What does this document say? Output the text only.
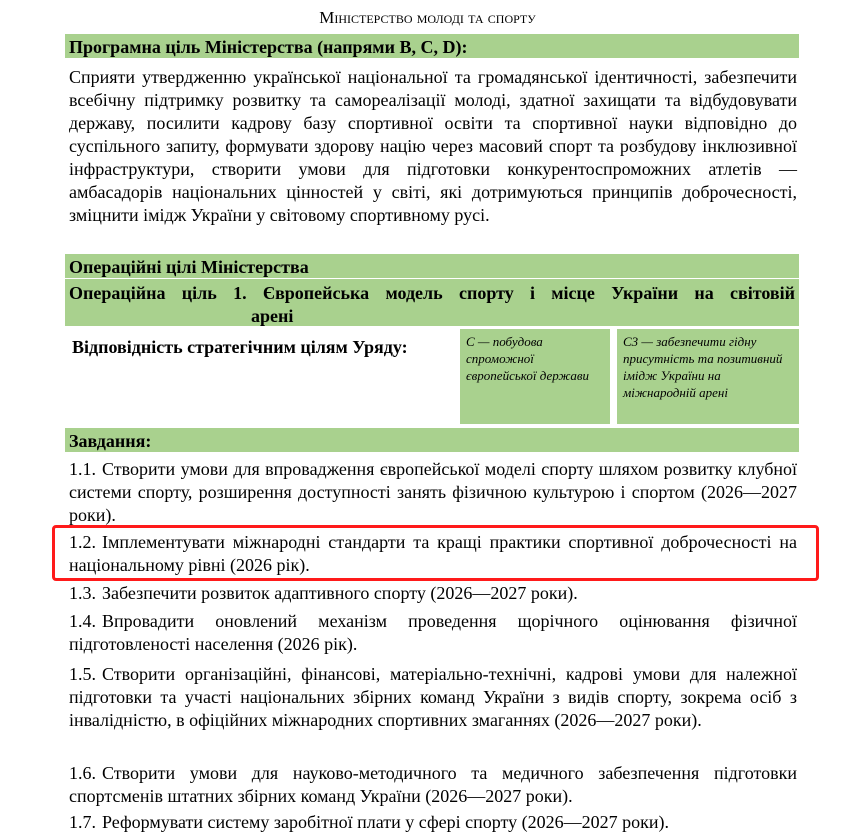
Міністерство молоді та спорту
Програмна ціль Міністерства (напрями B, C, D):

Сприяти утвердженню української національної та громадянської ідентичності, забезпечити всебічну підтримку розвитку та самореалізації молоді, здатної захищати та відбудовувати державу, посилити кадрову базу спортивної освіти та спортивної науки відповідно до суспільного запиту, формувати здорову націю через масовий спорт та розбудову інклюзивної інфраструктури, створити умови для підготовки конкурентоспроможних атлетів — амбасадорів національних цінностей у світі, які дотримуються принципів доброчесності, зміцнити імідж України у світовому спортивному русі.

Операційні цілі Міністерства
Операційна ціль 1. Європейська модель спорту і місце України на світовій
арені
Відповідність стратегічним цілям Уряду:	С — побудова спроможної європейської держави
С3 — забезпечити гідну присутність та позитивний імідж України на міжнародній арені
Завдання:
1.1. Створити умови для впровадження європейської моделі спорту шляхом розвитку клубної системи спорту, розширення доступності занять фізичною культурою і спортом (2026—2027 роки).
1.2. Імплементувати міжнародні стандарти та кращі практики спортивної доброчесності на національному рівні (2026 рік).
1.3. Забезпечити розвиток адаптивного спорту (2026—2027 роки).
1.4. Впровадити оновлений механізм проведення щорічного оцінювання фізичної підготовленості населення (2026 рік).
1.5. Створити організаційні, фінансові, матеріально-технічні, кадрові умови для належної підготовки та участі національних збірних команд України з видів спорту, зокрема осіб з інвалідністю, в офіційних міжнародних спортивних змаганнях (2026—2027 роки).
1.6. Створити умови для науково-методичного та медичного забезпечення підготовки спортсменів штатних збірних команд України (2026—2027 роки).
1.7. Реформувати систему заробітної плати у сфері спорту (2026—2027 роки).
